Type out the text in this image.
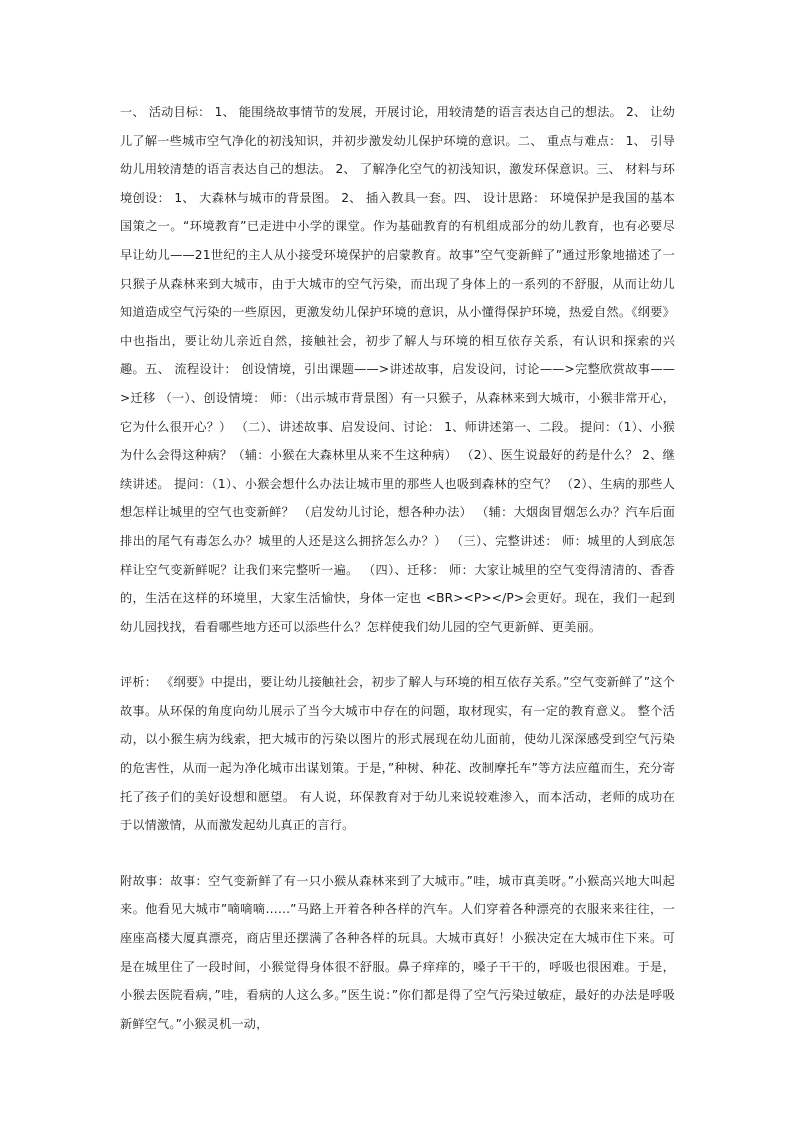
一、 活动目标： 1、 能围绕故事情节的发展，开展讨论，用较清楚的语言表达自己的想法。 2、 让幼儿了解一些城市空气净化的初浅知识，并初步激发幼儿保护环境的意识。二、 重点与难点： 1、 引导幼儿用较清楚的语言表达自己的想法。 2、 了解净化空气的初浅知识，激发环保意识。三、 材料与环境创设： 1、 大森林与城市的背景图。 2、 插入教具一套。四、 设计思路： 环境保护是我国的基本国策之一。“环境教育”已走进中小学的课堂。作为基础教育的有机组成部分的幼儿教育，也有必要尽早让幼儿——21世纪的主人从小接受环境保护的启蒙教育。故事”空气变新鲜了”通过形象地描述了一只猴子从森林来到大城市，由于大城市的空气污染，而出现了身体上的一系列的不舒服，从而让幼儿知道造成空气污染的一些原因，更激发幼儿保护环境的意识，从小懂得保护环境，热爱自然。《纲要》中也指出，要让幼儿亲近自然，接触社会，初步了解人与环境的相互依存关系，有认识和探索的兴趣。五、 流程设计： 创设情境，引出课题——>讲述故事，启发设问，讨论——>完整欣赏故事——>迁移 （一）、创设情境： 师：（出示城市背景图）有一只猴子，从森林来到大城市，小猴非常开心，它为什么很开心？） （二）、讲述故事、启发设问、讨论： 1、师讲述第一、二段。 提问：（1）、小猴为什么会得这种病？（辅：小猴在大森林里从来不生这种病） （2）、医生说最好的药是什么？ 2、继续讲述。 提问：（1）、小猴会想什么办法让城市里的那些人也吸到森林的空气？ （2）、生病的那些人想怎样让城里的空气也变新鲜？ （启发幼儿讨论，想各种办法） （辅：大烟囱冒烟怎么办？汽车后面排出的尾气有毒怎么办？城里的人还是这么拥挤怎么办？） （三）、完整讲述： 师：城里的人到底怎样让空气变新鲜呢？让我们来完整听一遍。 （四）、迁移： 师：大家让城里的空气变得清清的、香香的，生活在这样的环境里，大家生活愉快，身体一定也 <BR><P></P>会更好。现在，我们一起到幼儿园找找，看看哪些地方还可以添些什么？怎样使我们幼儿园的空气更新鲜、更美丽。

评析： 《纲要》中提出，要让幼儿接触社会，初步了解人与环境的相互依存关系。”空气变新鲜了”这个故事。从环保的角度向幼儿展示了当今大城市中存在的问题，取材现实，有一定的教育意义。 整个活动，以小猴生病为线索，把大城市的污染以图片的形式展现在幼儿面前，使幼儿深深感受到空气污染的危害性，从而一起为净化城市出谋划策。于是，”种树、种花、改制摩托车”等方法应蕴而生，充分寄托了孩子们的美好设想和愿望。 有人说，环保教育对于幼儿来说较难渗入，而本活动，老师的成功在于以情激情，从而激发起幼儿真正的言行。

附故事：故事：空气变新鲜了有一只小猴从森林来到了大城市。”哇，城市真美呀。”小猴高兴地大叫起来。他看见大城市”嘀嘀嘀……”马路上开着各种各样的汽车。人们穿着各种漂亮的衣服来来往往，一座座高楼大厦真漂亮，商店里还摆满了各种各样的玩具。大城市真好！小猴决定在大城市住下来。可是在城里住了一段时间，小猴觉得身体很不舒服。鼻子痒痒的，嗓子干干的，呼吸也很困难。于是，小猴去医院看病，”哇，看病的人这么多。”医生说：”你们都是得了空气污染过敏症，最好的办法是呼吸新鲜空气。”小猴灵机一动，
